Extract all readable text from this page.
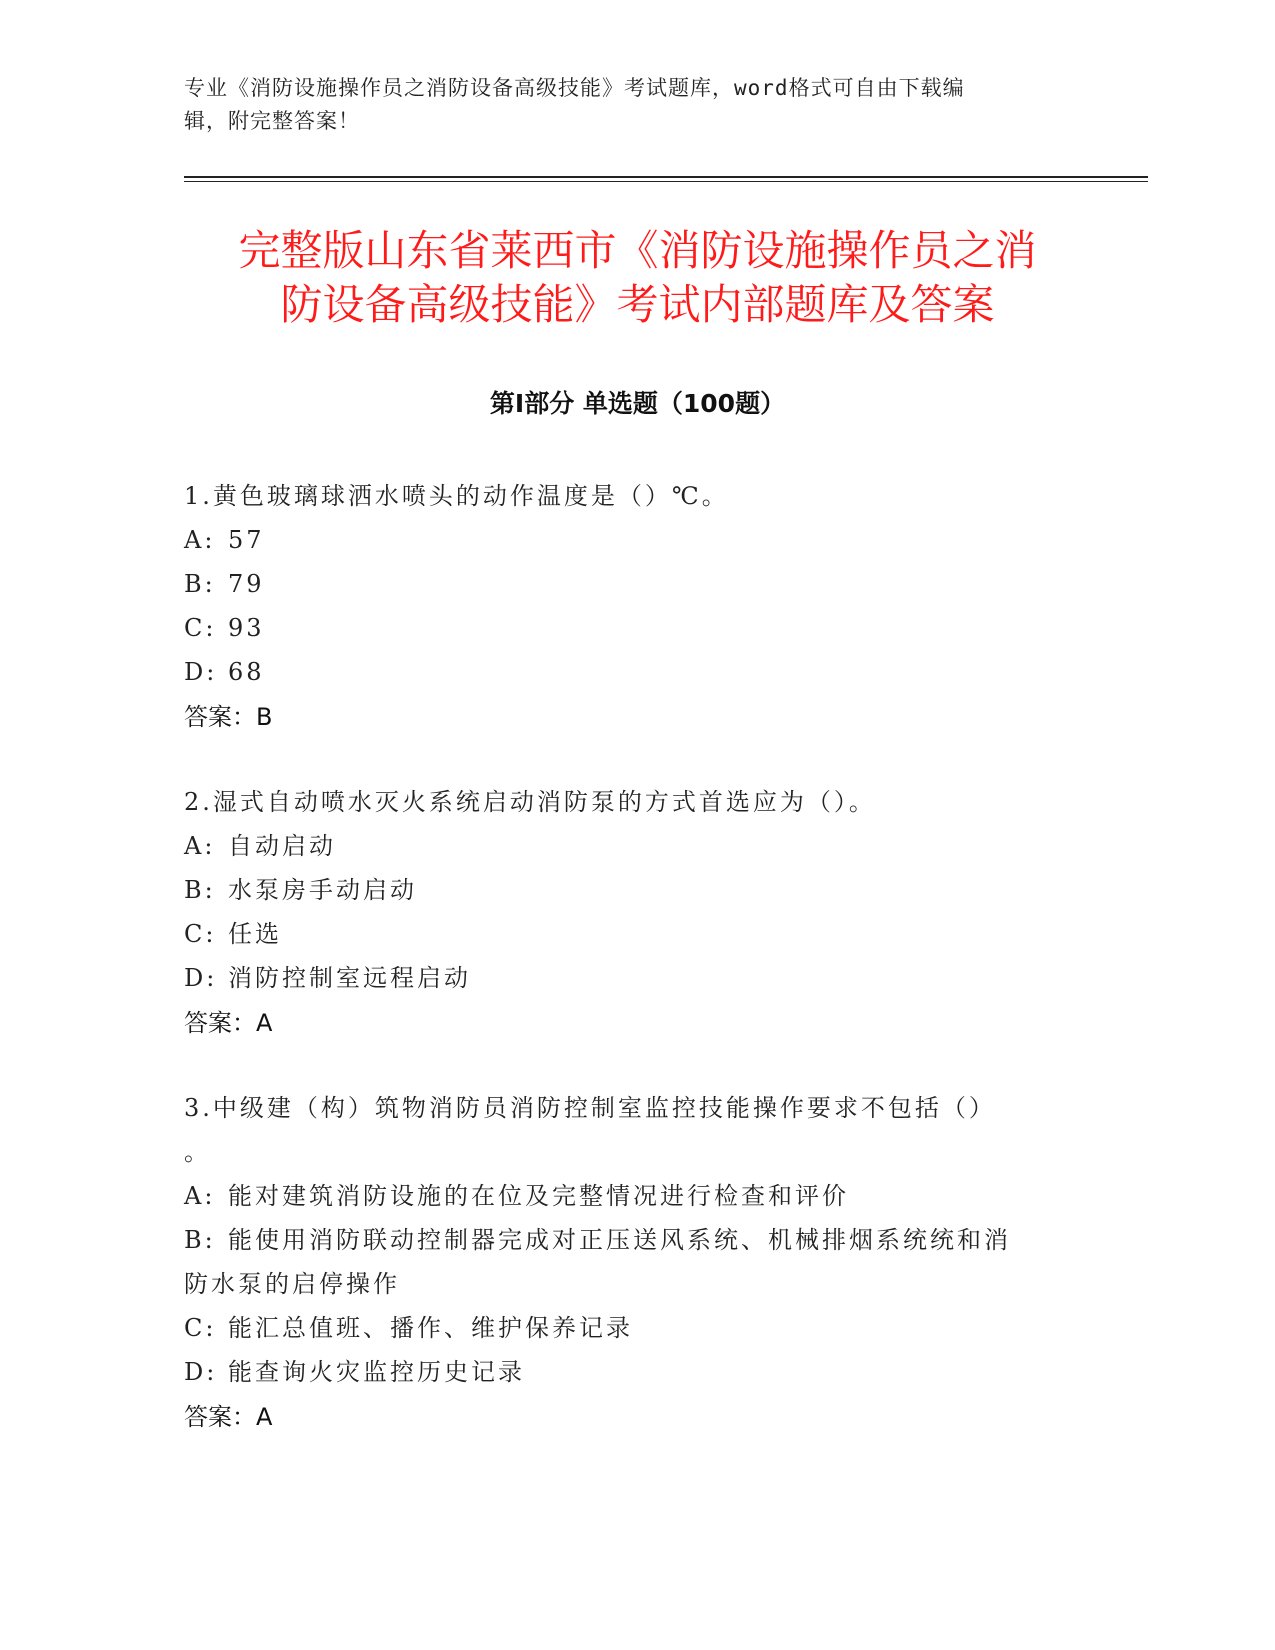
专业《消防设施操作员之消防设备高级技能》考试题库，word格式可自由下载编
辑，附完整答案！
完整版山东省莱西市《消防设施操作员之消
防设备高级技能》考试内部题库及答案
第Ⅰ部分 单选题（100题）
1.黄色玻璃球洒水喷头的动作温度是（）℃。
A: 57
B: 79
C: 93
D: 68
答案：B
2.湿式自动喷水灭火系统启动消防泵的方式首选应为（）。
A: 自动启动
B: 水泵房手动启动
C: 任选
D: 消防控制室远程启动
答案：A
3.中级建（构）筑物消防员消防控制室监控技能操作要求不包括（）
。
A: 能对建筑消防设施的在位及完整情况进行检查和评价
B: 能使用消防联动控制器完成对正压送风系统、机械排烟系统统和消
防水泵的启停操作
C: 能汇总值班、播作、维护保养记录
D: 能查询火灾监控历史记录
答案：A
